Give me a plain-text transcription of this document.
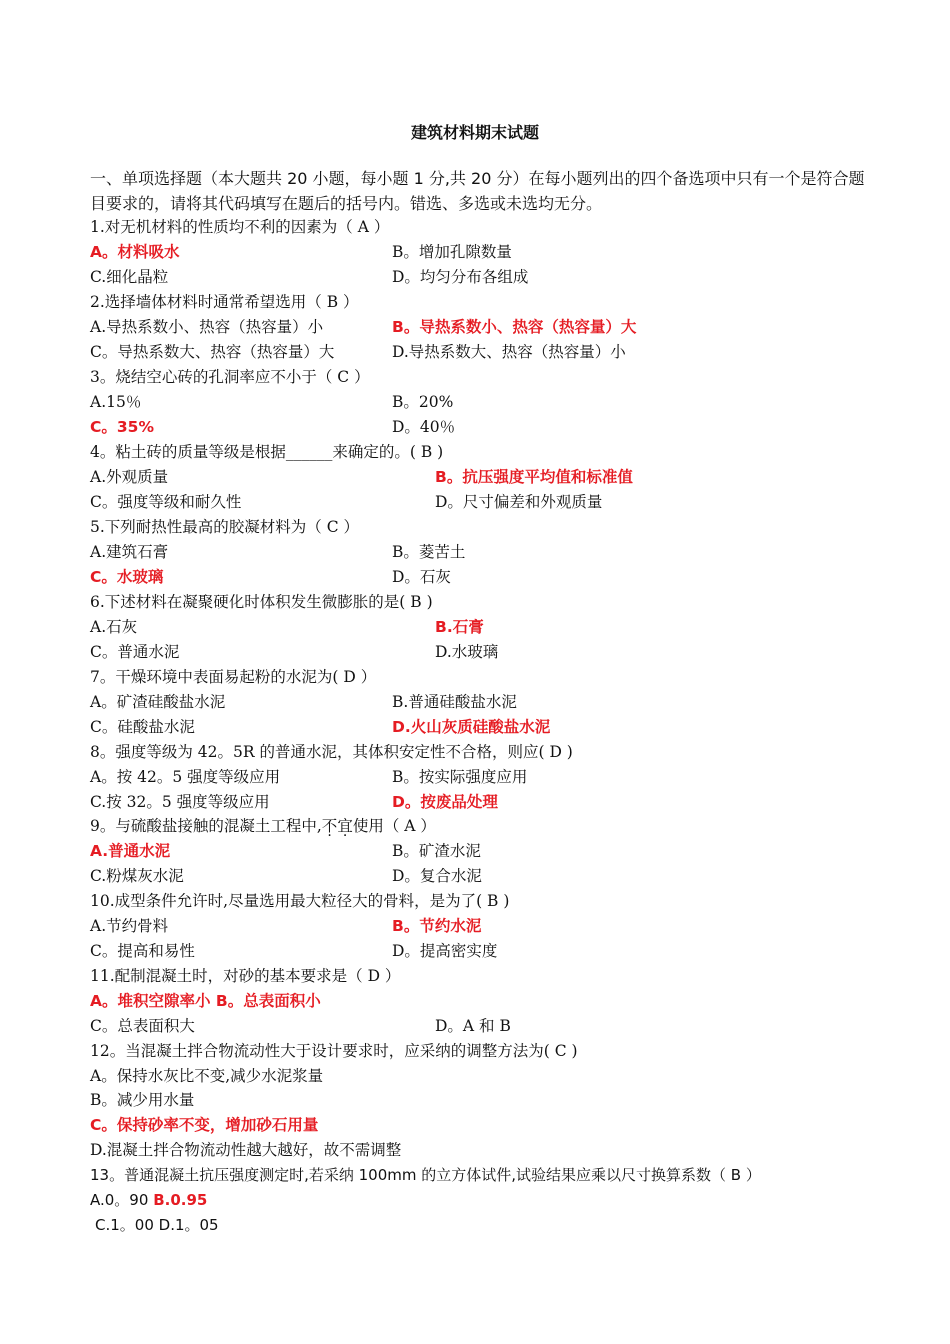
建筑材料期末试题
一、单项选择题（本大题共 20 小题，每小题 1 分,共 20 分）在每小题列出的四个备选项中只有一个是符合题目要求的，请将其代码填写在题后的括号内。错选、多选或未选均无分。
1.对无机材料的性质均不利的因素为（ A ）
A。材料吸水	B。增加孔隙数量
C.细化晶粒	D。均匀分布各组成
2.选择墙体材料时通常希望选用（ B ）
A.导热系数小、热容（热容量）小	B。导热系数小、热容（热容量）大
C。导热系数大、热容（热容量）大	D.导热系数大、热容（热容量）小
3。烧结空心砖的孔洞率应不小于（ C ）
A.15％	B。20%
C。35%	D。40％
4。粘土砖的质量等级是根据______来确定的。( B )
A.外观质量	B。抗压强度平均值和标准值
C。强度等级和耐久性	D。尺寸偏差和外观质量
5.下列耐热性最高的胶凝材料为（ C ）
A.建筑石膏	B。菱苦土
C。水玻璃	D。石灰
6.下述材料在凝聚硬化时体积发生微膨胀的是( B )
A.石灰	B.石膏
C。普通水泥	D.水玻璃
7。干燥环境中表面易起粉的水泥为( D ）
A。矿渣硅酸盐水泥	B.普通硅酸盐水泥
C。硅酸盐水泥	D.火山灰质硅酸盐水泥
8。强度等级为 42。5R 的普通水泥，其体积安定性不合格，则应( D )
A。按 42。5 强度等级应用	B。按实际强度应用
C.按 32。5 强度等级应用	D。按废品处理
9。与硫酸盐接触的混凝土工程中,不宜使用（ A ）
A.普通水泥	B。矿渣水泥
C.粉煤灰水泥	D。复合水泥
10.成型条件允许时,尽量选用最大粒径大的骨料，是为了( B )
A.节约骨料	B。节约水泥
C。提高和易性	D。提高密实度
11.配制混凝土时，对砂的基本要求是（ D ）
A。堆积空隙率小 B。总表面积小
C。总表面积大	D。A 和 B
12。当混凝土拌合物流动性大于设计要求时，应采纳的调整方法为( C )
A。保持水灰比不变,减少水泥浆量
B。减少用水量
C。保持砂率不变，增加砂石用量
D.混凝土拌合物流动性越大越好，故不需调整
13。普通混凝土抗压强度测定时,若采纳 100mm 的立方体试件,试验结果应乘以尺寸换算系数（ B ）
A.0。90 B.0.95
C.1。00 D.1。05
